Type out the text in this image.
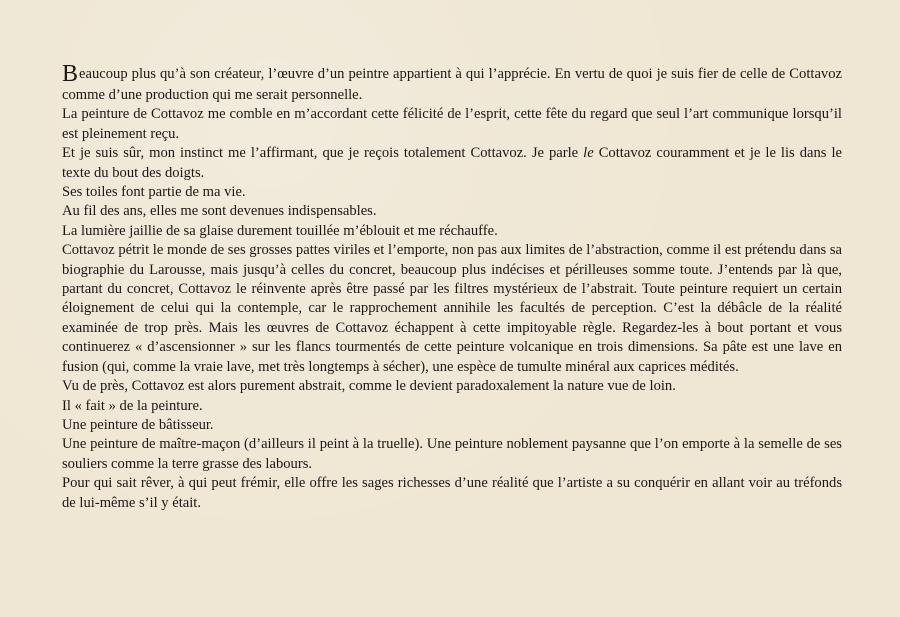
Beaucoup plus qu’à son créateur, l’œuvre d’un peintre appartient à qui l’apprécie. En vertu de quoi je suis fier de celle de Cottavoz comme d’une production qui me serait personnelle.

La peinture de Cottavoz me comble en m’accordant cette félicité de l’esprit, cette fête du regard que seul l’art communique lorsqu’il est pleinement reçu.

Et je suis sûr, mon instinct me l’affirmant, que je reçois totalement Cottavoz. Je parle le Cottavoz couramment et je le lis dans le texte du bout des doigts.

Ses toiles font partie de ma vie.

Au fil des ans, elles me sont devenues indispensables.

La lumière jaillie de sa glaise durement touillée m’éblouit et me réchauffe.

Cottavoz pétrit le monde de ses grosses pattes viriles et l’emporte, non pas aux limites de l’abstraction, comme il est prétendu dans sa biographie du Larousse, mais jusqu’à celles du concret, beaucoup plus indécises et périlleuses somme toute. J’entends par là que, partant du concret, Cottavoz le réinvente après être passé par les filtres mystérieux de l’abstrait. Toute peinture requiert un certain éloignement de celui qui la contemple, car le rapprochement annihile les facultés de perception. C’est la débâcle de la réalité examinée de trop près. Mais les œuvres de Cottavoz échappent à cette impitoyable règle. Regardez-les à bout portant et vous continuerez « d’ascensionner » sur les flancs tourmentés de cette peinture volcanique en trois dimensions. Sa pâte est une lave en fusion (qui, comme la vraie lave, met très longtemps à sécher), une espèce de tumulte minéral aux caprices médités.

Vu de près, Cottavoz est alors purement abstrait, comme le devient paradoxalement la nature vue de loin.

Il « fait » de la peinture.

Une peinture de bâtisseur.

Une peinture de maître-maçon (d’ailleurs il peint à la truelle). Une peinture noblement paysanne que l’on emporte à la semelle de ses souliers comme la terre grasse des labours.

Pour qui sait rêver, à qui peut frémir, elle offre les sages richesses d’une réalité que l’artiste a su conquérir en allant voir au tréfonds de lui-même s’il y était.
